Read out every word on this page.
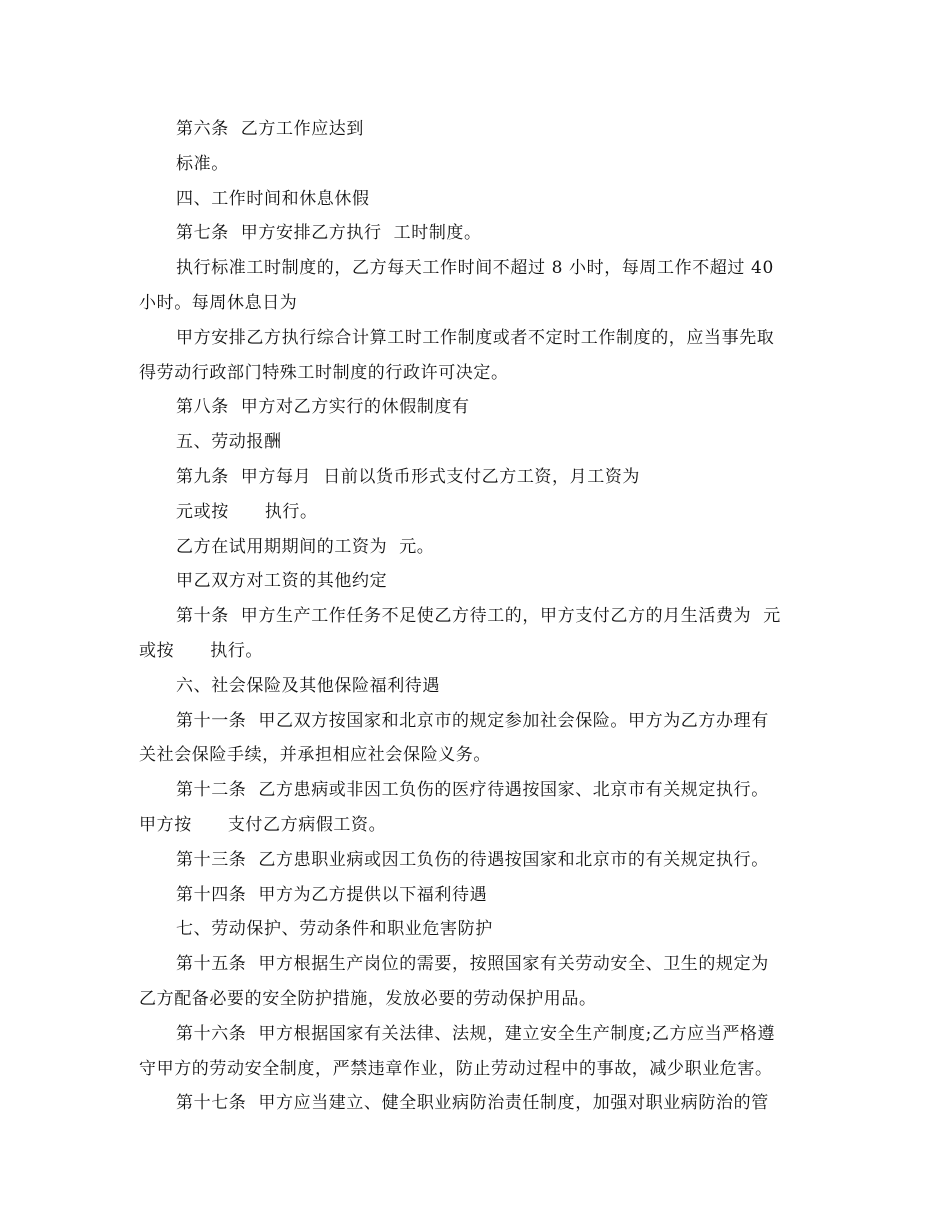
第六条  乙方工作应达到
标准。
四、工作时间和休息休假
第七条  甲方安排乙方执行  工时制度。
执行标准工时制度的，乙方每天工作时间不超过 8 小时，每周工作不超过 40
小时。每周休息日为
甲方安排乙方执行综合计算工时工作制度或者不定时工作制度的，应当事先取
得劳动行政部门特殊工时制度的行政许可决定。
第八条  甲方对乙方实行的休假制度有
五、劳动报酬
第九条  甲方每月  日前以货币形式支付乙方工资，月工资为
元或按      执行。
乙方在试用期期间的工资为  元。
甲乙双方对工资的其他约定
第十条  甲方生产工作任务不足使乙方待工的，甲方支付乙方的月生活费为  元
或按      执行。
六、社会保险及其他保险福利待遇
第十一条  甲乙双方按国家和北京市的规定参加社会保险。甲方为乙方办理有
关社会保险手续，并承担相应社会保险义务。
第十二条  乙方患病或非因工负伤的医疗待遇按国家、北京市有关规定执行。
甲方按      支付乙方病假工资。
第十三条  乙方患职业病或因工负伤的待遇按国家和北京市的有关规定执行。
第十四条  甲方为乙方提供以下福利待遇
七、劳动保护、劳动条件和职业危害防护
第十五条  甲方根据生产岗位的需要，按照国家有关劳动安全、卫生的规定为
乙方配备必要的安全防护措施，发放必要的劳动保护用品。
第十六条  甲方根据国家有关法律、法规，建立安全生产制度;乙方应当严格遵
守甲方的劳动安全制度，严禁违章作业，防止劳动过程中的事故，减少职业危害。
第十七条  甲方应当建立、健全职业病防治责任制度，加强对职业病防治的管
